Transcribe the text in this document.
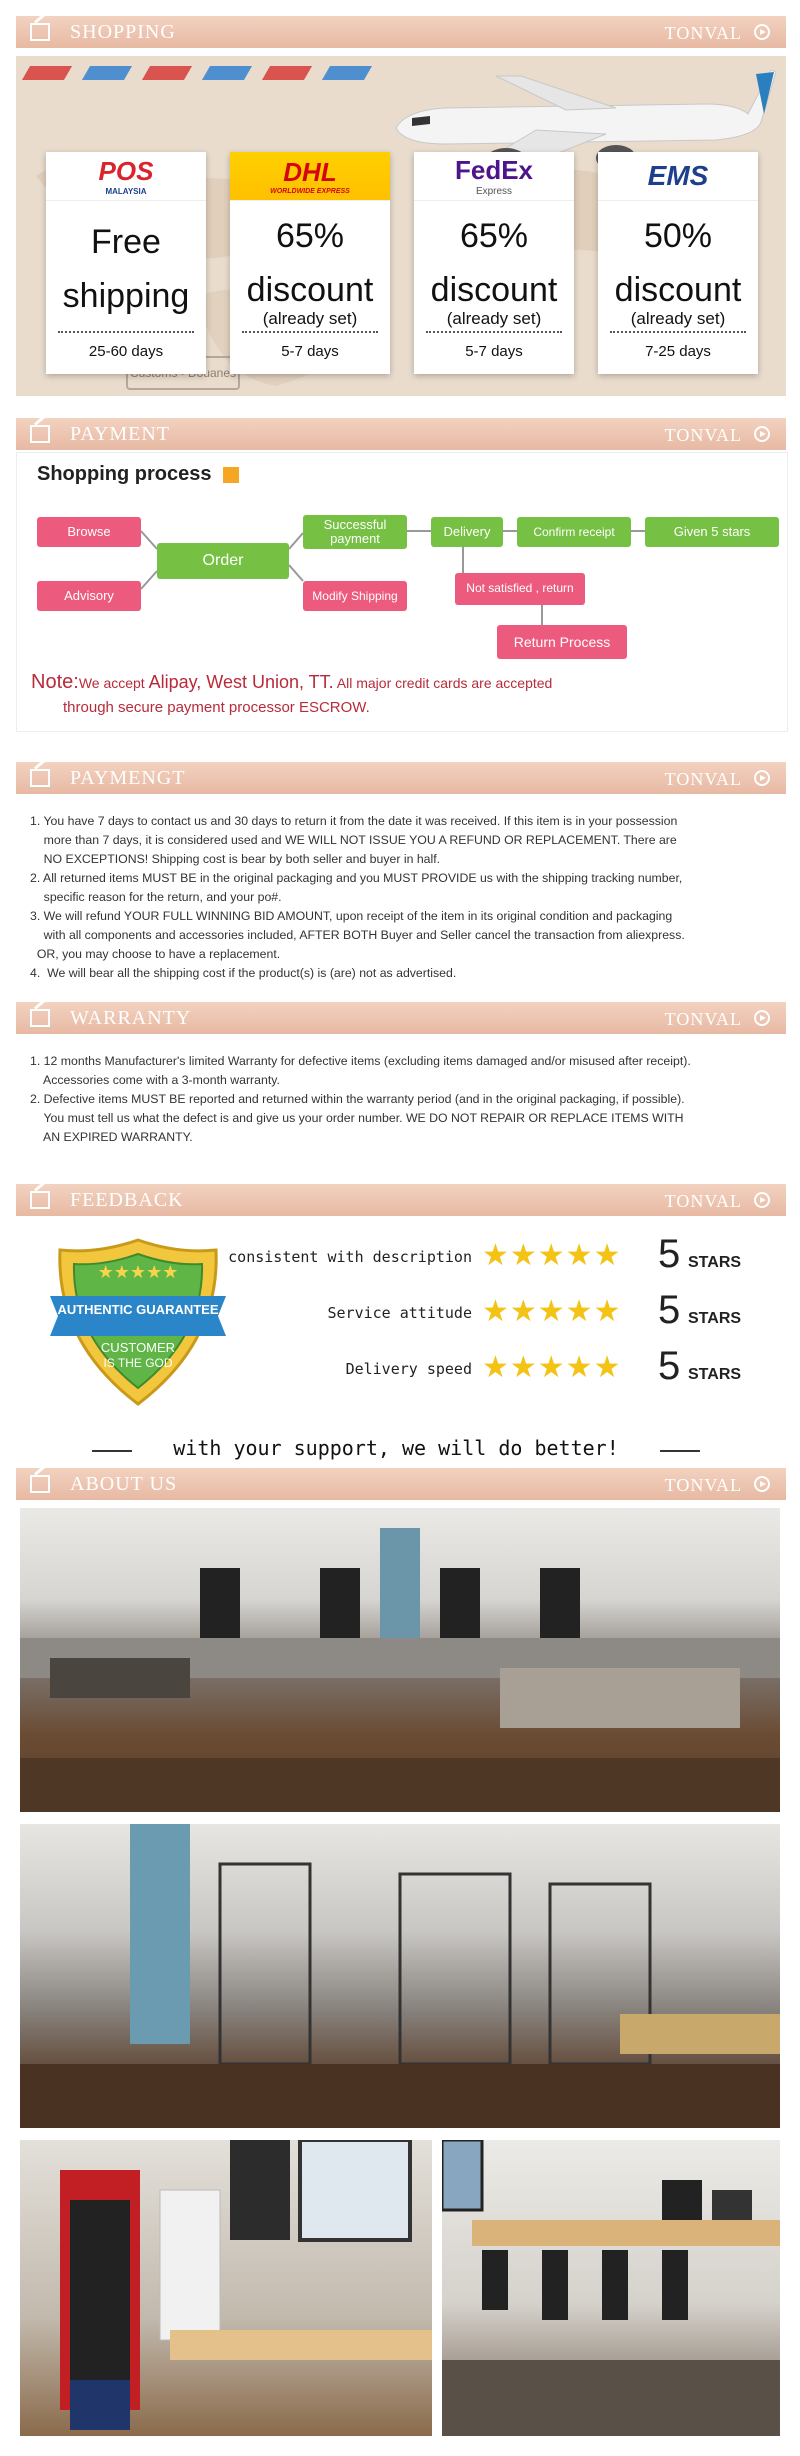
SHOPPING	TONVAL
Douanes
POS
MALAYSIA
Free
shipping
25-60 days
DHL
WORLDWIDE EXPRESS
65%
discount
(already set)
5-7 days
FedEx
Express
65%
discount
(already set)
5-7 days
EMS
50%
discount
(already set)
7-25 days
PAYMENT	TONVAL
Shopping process
Browse
Advisory
Order
Successful payment
Modify Shipping
Delivery	Confirm receipt	Given 5 stars
Not satisfied , return
Return Process
Note:We accept Alipay, West Union, TT. All major credit cards are accepted
through secure payment processor ESCROW.
PAYMENGT	TONVAL

1. You have 7 days to contact us and 30 days to return it from the date it was received. If this item is in your possession

more than 7 days, it is considered used and WE WILL NOT ISSUE YOU A REFUND OR REPLACEMENT. There are

NO EXCEPTIONS! Shipping cost is bear by both seller and buyer in half.

2. All returned items MUST BE in the original packaging and you MUST PROVIDE us with the shipping tracking number,

specific reason for the return, and your po#.

3. We will refund YOUR FULL WINNING BID AMOUNT, upon receipt of the item in its original condition and packaging

with all components and accessories included, AFTER BOTH Buyer and Seller cancel the transaction from aliexpress.

OR, you may choose to have a replacement.

4.  We will bear all the shipping cost if the product(s) is (are) not as advertised.

WARRANTY	TONVAL

1. 12 months Manufacturer's limited Warranty for defective items (excluding items damaged and/or misused after receipt).

Accessories come with a 3-month warranty.

2. Defective items MUST BE reported and returned within the warranty period (and in the original packaging, if possible).

You must tell us what the defect is and give us your order number. WE DO NOT REPAIR OR REPLACE ITEMS WITH

AN EXPIRED WARRANTY.

FEEDBACK	TONVAL
★★★★★
AUTHENTIC GUARANTEE
CUSTOMER
IS THE GOD
consistent with description ★★★★★ 5 STARS
Service attitude ★★★★★ 5 STARS
Delivery speed ★★★★★ 5 STARS
with your support, we will do better!
ABOUT US	TONVAL
